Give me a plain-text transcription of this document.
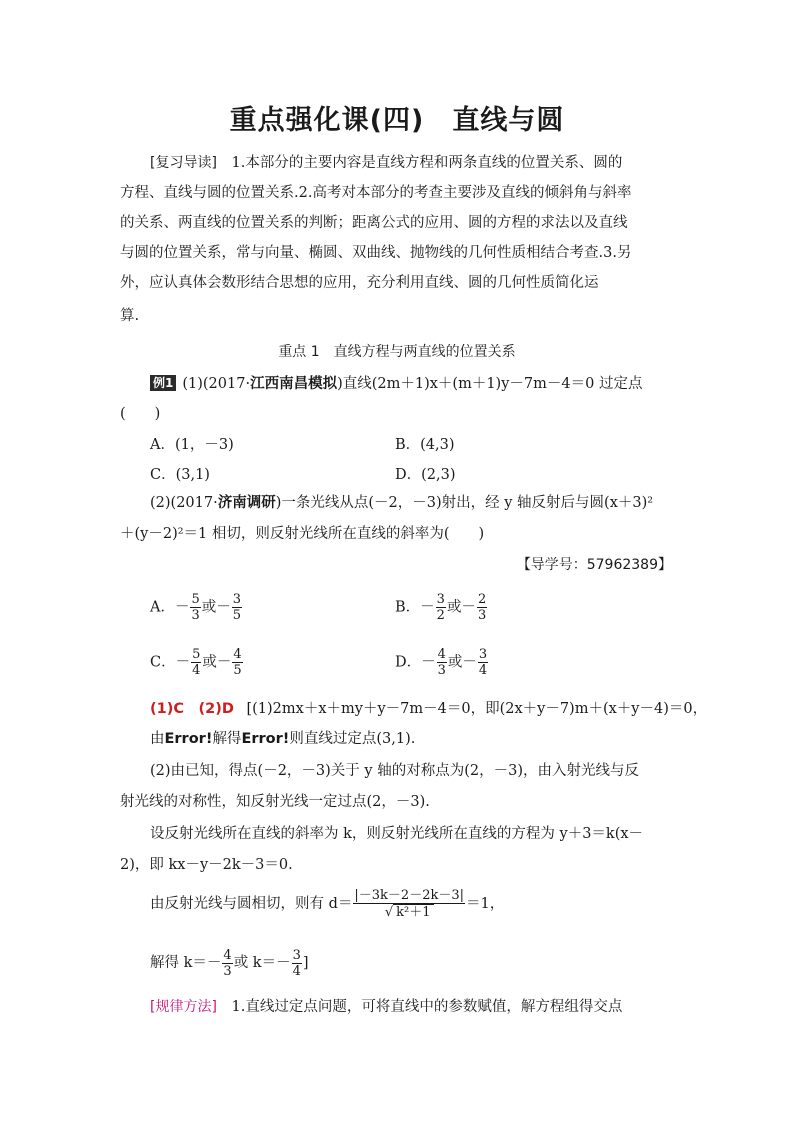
重点强化课(四)　直线与圆
[复习导读] 1.本部分的主要内容是直线方程和两条直线的位置关系、圆的
方程、直线与圆的位置关系.2.高考对本部分的考查主要涉及直线的倾斜角与斜率
的关系、两直线的位置关系的判断；距离公式的应用、圆的方程的求法以及直线
与圆的位置关系，常与向量、椭圆、双曲线、抛物线的几何性质相结合考查.3.另
外，应认真体会数形结合思想的应用，充分利用直线、圆的几何性质简化运
算.
重点 1　直线方程与两直线的位置关系
例1 (1)(2017·江西南昌模拟)直线(2m＋1)x＋(m＋1)y－7m－4＝0 过定点
(　　)
A．(1，－3)	B．(4,3)
C．(3,1)	D．(2,3)
(2)(2017·济南调研)一条光线从点(－2，－3)射出，经 y 轴反射后与圆(x＋3)²
＋(y－2)²＝1 相切，则反射光线所在直线的斜率为(　　)
【导学号：57962389】
A．－ $\frac{5}{3}$ 或－ $\frac{3}{5}$	B．－ $\frac{3}{2}$ 或－ $\frac{2}{3}$
C．－ $\frac{5}{4}$ 或－ $\frac{4}{5}$	D．－ $\frac{4}{3}$ 或－ $\frac{3}{4}$
(1)C　(2)D [(1)2mx＋x＋my＋y－7m－4＝0，即(2x＋y－7)m＋(x＋y－4)＝0，
由Error!解得Error!则直线过定点(3,1).
(2)由已知，得点(－2，－3)关于 y 轴的对称点为(2，－3)，由入射光线与反
射光线的对称性，知反射光线一定过点(2，－3).
设反射光线所在直线的斜率为 k，则反射光线所在直线的方程为 y＋3＝k(x－
2)，即 kx－y－2k－3＝0.
由反射光线与圆相切，则有 $d= \frac{|-3k-2-2k-3|}{\text{√ k²＋1}} =1$，
解得 $k=- \frac{4}{3}$ 或 $k=- \frac{3}{4}$ ]
[规律方法] 1.直线过定点问题，可将直线中的参数赋值，解方程组得交点
